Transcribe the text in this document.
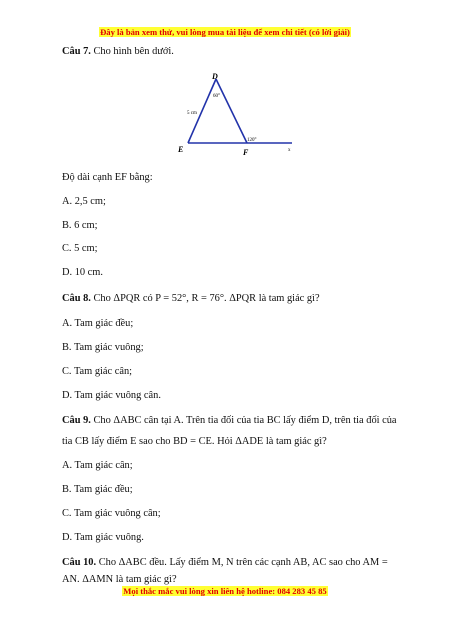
Đây là bản xem thử, vui lòng mua tài liệu để xem chi tiết (có lời giải)
Câu 7. Cho hình bên dưới.
D
E	F	x
5 cm
60°
120°
Độ dài cạnh EF bằng:
A. 2,5 cm;
B. 6 cm;
C. 5 cm;
D. 10 cm.
Câu 8. Cho ΔPQR có P = 52°, R = 76°. ΔPQR là tam giác gì?
A. Tam giác đều;
B. Tam giác vuông;
C. Tam giác cân;
D. Tam giác vuông cân.
Câu 9. Cho ΔABC cân tại A. Trên tia đối của tia BC lấy điểm D, trên tia đối của
tia CB lấy điểm E sao cho BD = CE. Hỏi ΔADE là tam giác gì?
A. Tam giác cân;
B. Tam giác đều;
C. Tam giác vuông cân;
D. Tam giác vuông.
Câu 10. Cho ΔABC đều. Lấy điểm M, N trên các cạnh AB, AC sao cho AM =
AN. ΔAMN là tam giác gì?
Mọi thắc mắc vui lòng xin liên hệ hotline: 084 283 45 85
